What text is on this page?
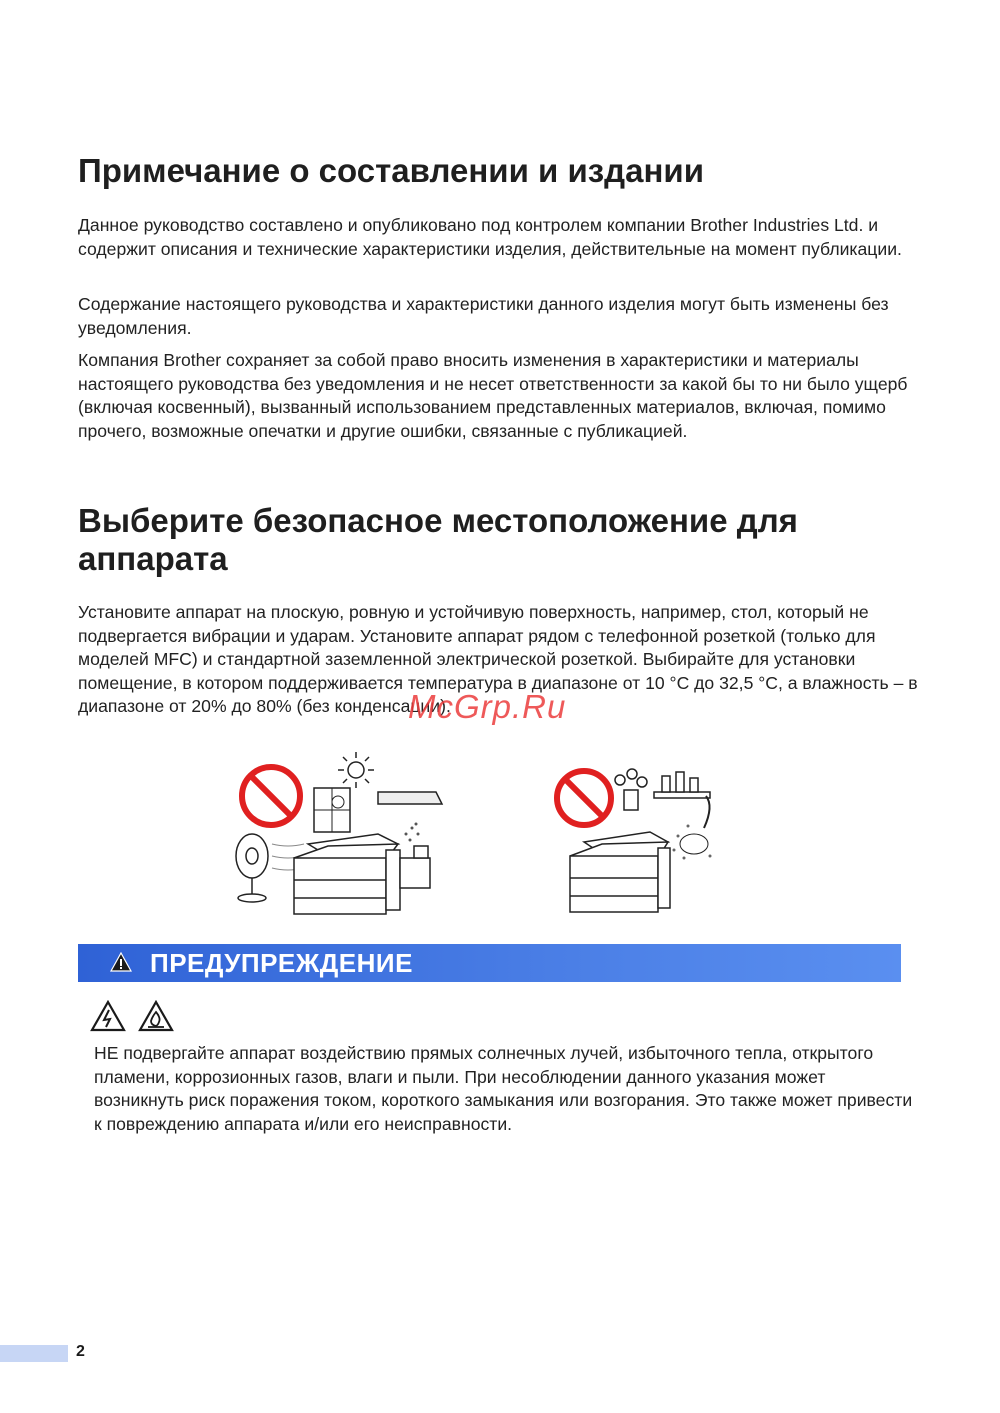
Примечание о составлении и издании

Данное руководство составлено и опубликовано под контролем компании Brother Industries Ltd. и содержит описания и технические характеристики изделия, действительные на момент публикации.

Содержание настоящего руководства и характеристики данного изделия могут быть изменены без уведомления.

Компания Brother сохраняет за собой право вносить изменения в характеристики и материалы настоящего руководства без уведомления и не несет ответственности за какой бы то ни было ущерб (включая косвенный), вызванный использованием представленных материалов, включая, помимо прочего, возможные опечатки и другие ошибки, связанные с публикацией.

Выберите безопасное местоположение для аппарата

Установите аппарат на плоскую, ровную и устойчивую поверхность, например, стол, который не подвергается вибрации и ударам. Установите аппарат рядом с телефонной розеткой (только для моделей MFC) и стандартной заземленной электрической розеткой. Выбирайте для установки помещение, в котором поддерживается температура в диапазоне от 10 °C до 32,5 °C, а влажность – в диапазоне от 20% до 80% (без конденсации).

McGrp.Ru
ПРЕДУПРЕЖДЕНИЕ

НЕ подвергайте аппарат воздействию прямых солнечных лучей, избыточного тепла, открытого пламени, коррозионных газов, влаги и пыли. При несоблюдении данного указания может возникнуть риск поражения током, короткого замыкания или возгорания. Это также может привести к повреждению аппарата и/или его неисправности.

2
